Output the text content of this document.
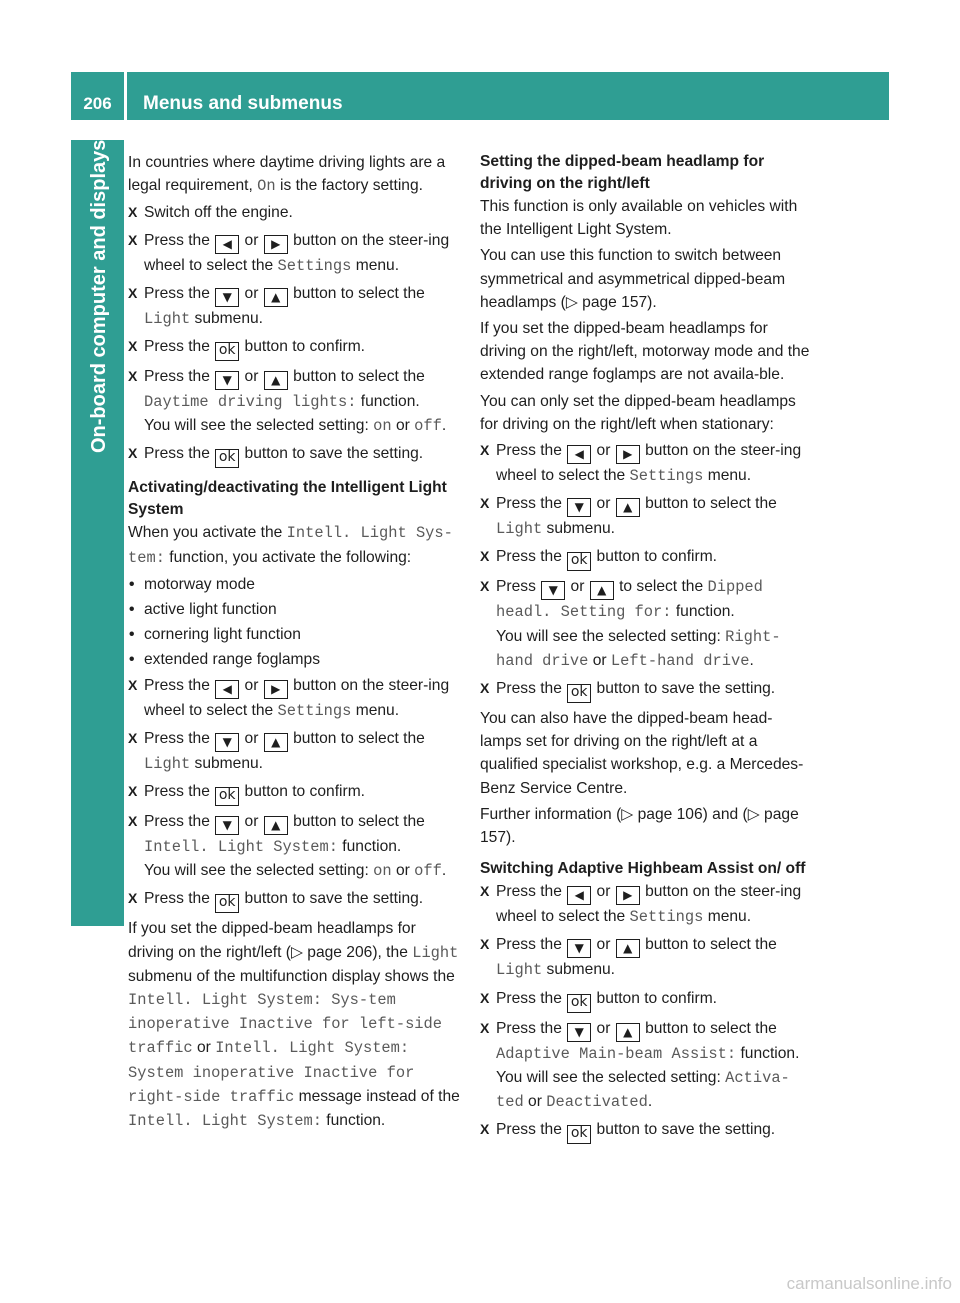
206	Menus and submenus
On-board computer and displays	In countries where daytime driving lights are a legal requirement, On is the factory setting.

X Switch off the engine.
X Press the ◀ or ▶ button on the steer-ing wheel to select the Settings menu.
X Press the ▼ or ▲ button to select the Light submenu.
X Press the ok button to confirm.
X Press the ▼ or ▲ button to select the Daytime driving lights: function.
You will see the selected setting: on or off.
X Press the ok button to save the setting.
Activating/deactivating the Intelligent Light System

When you activate the Intell. Light Sys‐tem: function, you activate the following:

• motorway mode
• active light function
• cornering light function
• extended range foglamps
X Press the ◀ or ▶ button on the steer-ing wheel to select the Settings menu.
X Press the ▼ or ▲ button to select the Light submenu.
X Press the ok button to confirm.
X Press the ▼ or ▲ button to select the Intell. Light System: function.
You will see the selected setting: on or off.
X Press the ok button to save the setting.

If you set the dipped-beam headlamps for driving on the right/left (▷ page 206), the Light submenu of the multifunction display shows the Intell. Light System: Sys‐tem inoperative Inactive for left-side traffic or Intell. Light System: System inoperative Inactive for right-side traffic message instead of the Intell. Light System: function.

Setting the dipped-beam headlamp for driving on the right/left

This function is only available on vehicles with the Intelligent Light System.

You can use this function to switch between symmetrical and asymmetrical dipped-beam headlamps (▷ page 157).

If you set the dipped-beam headlamps for driving on the right/left, motorway mode and the extended range foglamps are not availa-ble.

You can only set the dipped-beam headlamps for driving on the right/left when stationary:

X Press the ◀ or ▶ button on the steer-ing wheel to select the Settings menu.
X Press the ▼ or ▲ button to select the Light submenu.
X Press the ok button to confirm.
X Press ▼ or ▲ to select the Dipped headl. Setting for: function.
You will see the selected setting: Right-hand drive or Left-hand drive.
X Press the ok button to save the setting.

You can also have the dipped-beam head-lamps set for driving on the right/left at a qualified specialist workshop, e.g. a Mercedes-Benz Service Centre.

Further information (▷ page 106) and (▷ page 157).

Switching Adaptive Highbeam Assist on/ off
X Press the ◀ or ▶ button on the steer-ing wheel to select the Settings menu.
X Press the ▼ or ▲ button to select the Light submenu.
X Press the ok button to confirm.
X Press the ▼ or ▲ button to select the Adaptive Main-beam Assist: function.
You will see the selected setting: Activa‐ted or Deactivated.
X Press the ok button to save the setting.
carmanualsonline.info
